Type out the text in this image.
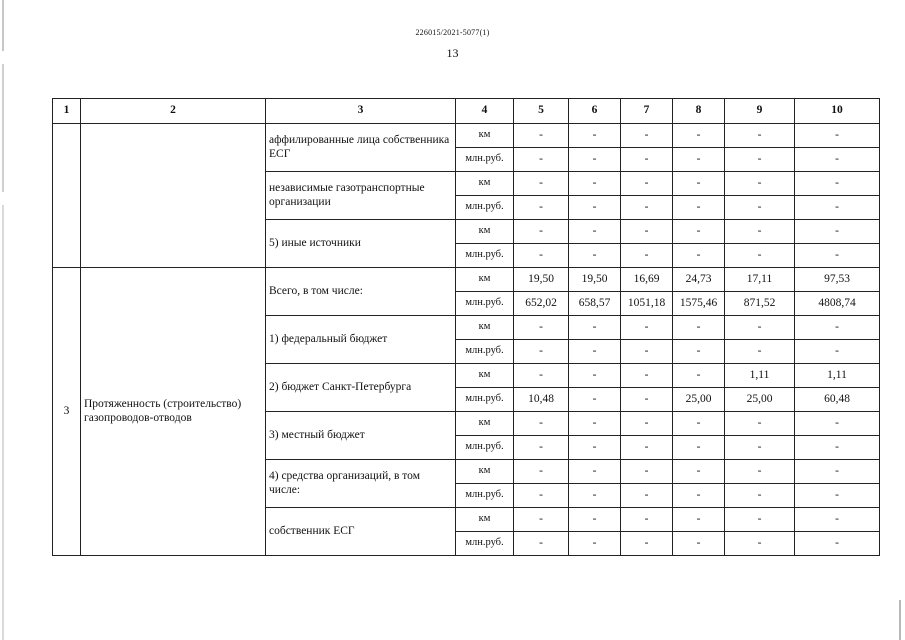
226015/2021-5077(1)
13
1	2	3	4	5	6	7	8	9	10
		аффилированные лица собственника ЕСГ	км	-	-	-	-	-	-
			млн.руб.	-	-	-	-	-	-
		независимые газотранспортные организации	км	-	-	-	-	-	-
			млн.руб.	-	-	-	-	-	-
		5) иные источники	км	-	-	-	-	-	-
			млн.руб.	-	-	-	-	-	-
3	Протяженность (строительство) газопроводов-отводов	Всего, в том числе:	км	19,50	19,50	16,69	24,73	17,11	97,53
			млн.руб.	652,02	658,57	1051,18	1575,46	871,52	4808,74
		1) федеральный бюджет	км	-	-	-	-	-	-
			млн.руб.	-	-	-	-	-	-
		2) бюджет Санкт-Петербурга	км	-	-	-	-	1,11	1,11
			млн.руб.	10,48	-	-	25,00	25,00	60,48
		3) местный бюджет	км	-	-	-	-	-	-
			млн.руб.	-	-	-	-	-	-
		4) средства организаций, в том числе:	км	-	-	-	-	-	-
			млн.руб.	-	-	-	-	-	-
		собственник ЕСГ	км	-	-	-	-	-	-
			млн.руб.	-	-	-	-	-	-
